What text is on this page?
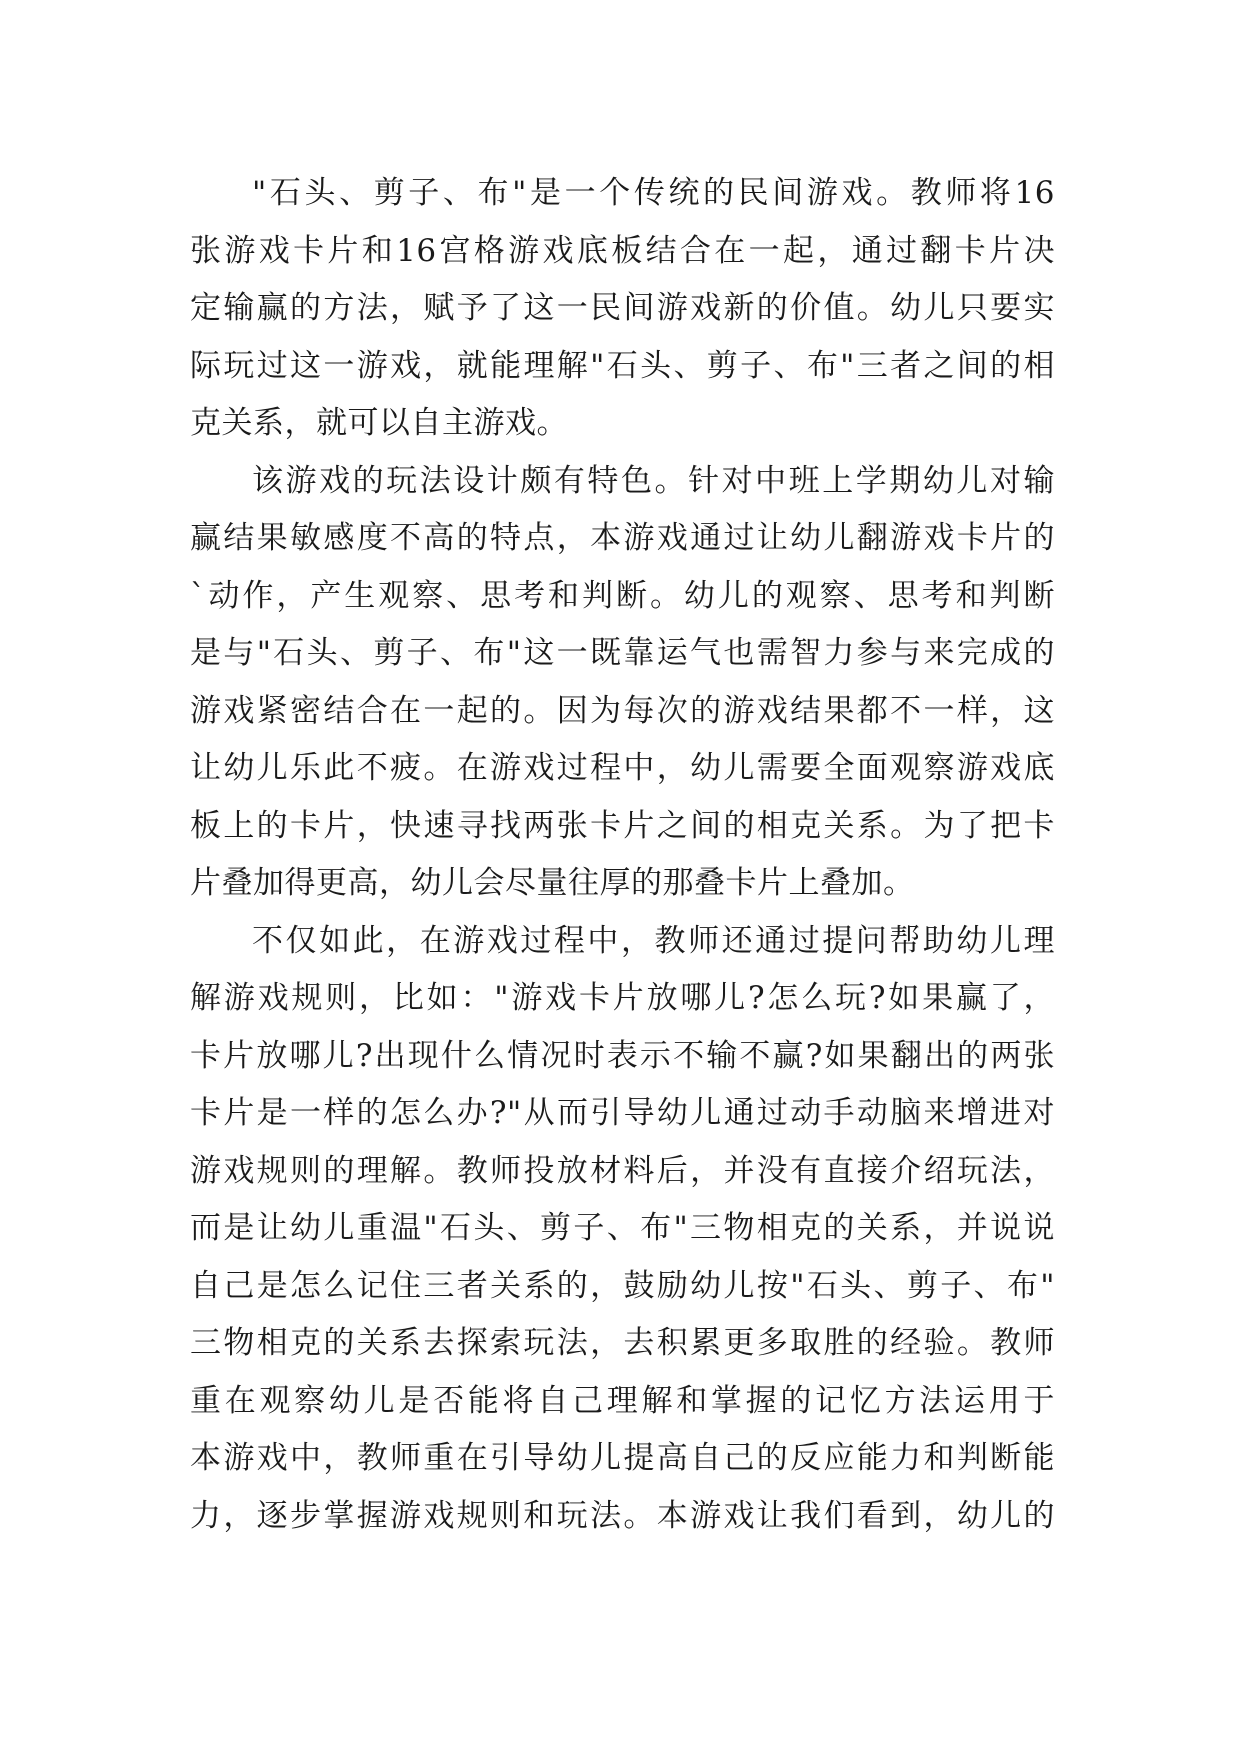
"石头、剪子、布"是一个传统的民间游戏。教师将16
张游戏卡片和16宫格游戏底板结合在一起，通过翻卡片决
定输赢的方法，赋予了这一民间游戏新的价值。幼儿只要实
际玩过这一游戏，就能理解"石头、剪子、布"三者之间的相
克关系，就可以自主游戏。
该游戏的玩法设计颇有特色。针对中班上学期幼儿对输
赢结果敏感度不高的特点，本游戏通过让幼儿翻游戏卡片的
`动作，产生观察、思考和判断。幼儿的观察、思考和判断
是与"石头、剪子、布"这一既靠运气也需智力参与来完成的
游戏紧密结合在一起的。因为每次的游戏结果都不一样，这
让幼儿乐此不疲。在游戏过程中，幼儿需要全面观察游戏底
板上的卡片，快速寻找两张卡片之间的相克关系。为了把卡
片叠加得更高，幼儿会尽量往厚的那叠卡片上叠加。
不仅如此，在游戏过程中，教师还通过提问帮助幼儿理
解游戏规则，比如："游戏卡片放哪儿?怎么玩?如果赢了，
卡片放哪儿?出现什么情况时表示不输不赢?如果翻出的两张
卡片是一样的怎么办?"从而引导幼儿通过动手动脑来增进对
游戏规则的理解。教师投放材料后，并没有直接介绍玩法，
而是让幼儿重温"石头、剪子、布"三物相克的关系，并说说
自己是怎么记住三者关系的，鼓励幼儿按"石头、剪子、布"
三物相克的关系去探索玩法，去积累更多取胜的经验。教师
重在观察幼儿是否能将自己理解和掌握的记忆方法运用于
本游戏中，教师重在引导幼儿提高自己的反应能力和判断能
力，逐步掌握游戏规则和玩法。本游戏让我们看到，幼儿的
